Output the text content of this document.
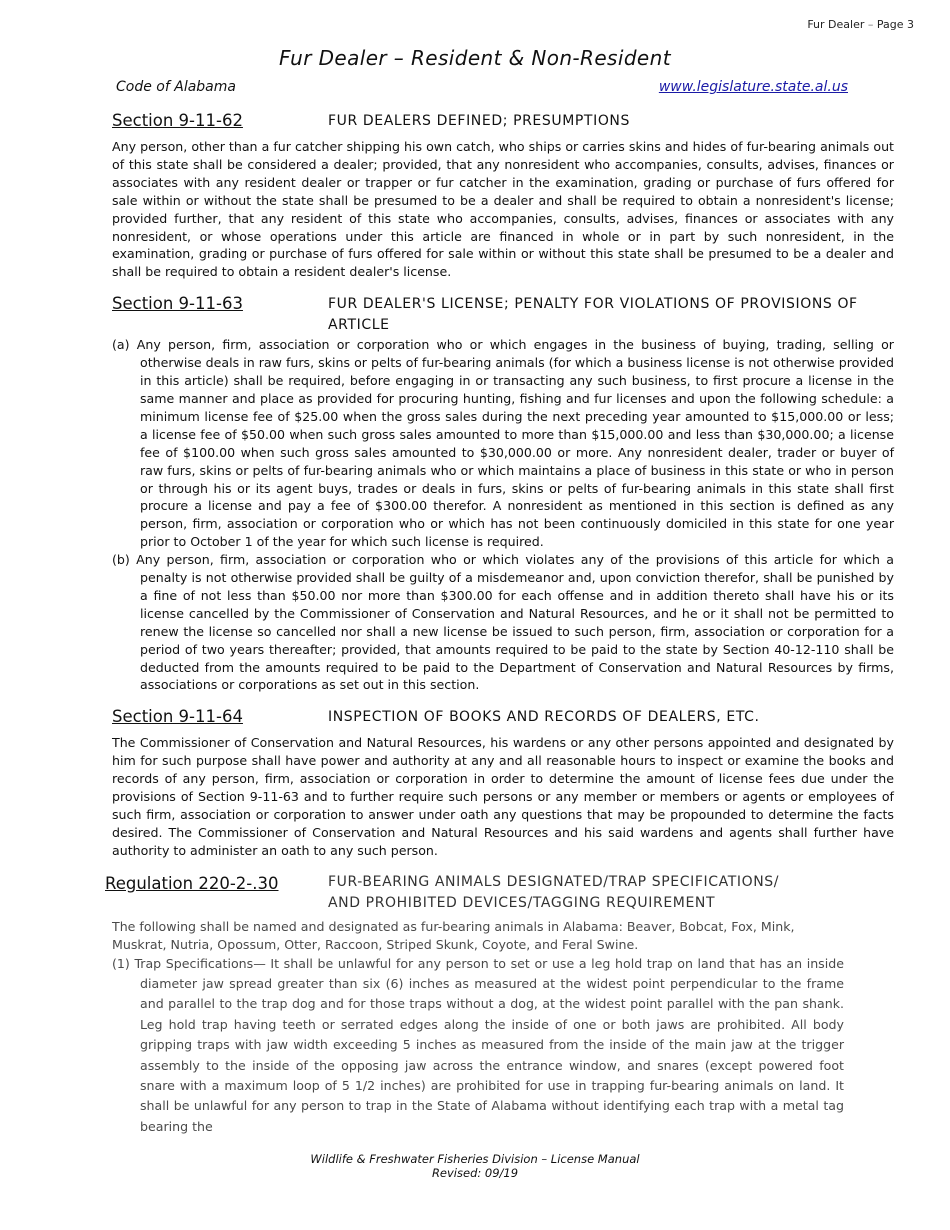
Fur Dealer – Page 3
Fur Dealer – Resident & Non-Resident
Code of Alabama	www.legislature.state.al.us
Section 9-11-62	FUR DEALERS DEFINED; PRESUMPTIONS

Any person, other than a fur catcher shipping his own catch, who ships or carries skins and hides of fur-bearing animals out of this state shall be considered a dealer; provided, that any nonresident who accompanies, consults, advises, finances or associates with any resident dealer or trapper or fur catcher in the examination, grading or purchase of furs offered for sale within or without the state shall be presumed to be a dealer and shall be required to obtain a nonresident's license; provided further, that any resident of this state who accompanies, consults, advises, finances or associates with any nonresident, or whose operations under this article are financed in whole or in part by such nonresident, in the examination, grading or purchase of furs offered for sale within or without this state shall be presumed to be a dealer and shall be required to obtain a resident dealer's license.

Section 9-11-63	FUR DEALER'S LICENSE; PENALTY FOR VIOLATIONS OF PROVISIONS OF
ARTICLE

(a) Any person, firm, association or corporation who or which engages in the business of buying, trading, selling or otherwise deals in raw furs, skins or pelts of fur-bearing animals (for which a business license is not otherwise provided in this article) shall be required, before engaging in or transacting any such business, to first procure a license in the same manner and place as provided for procuring hunting, fishing and fur licenses and upon the following schedule: a minimum license fee of $25.00 when the gross sales during the next preceding year amounted to $15,000.00 or less; a license fee of $50.00 when such gross sales amounted to more than $15,000.00 and less than $30,000.00; a license fee of $100.00 when such gross sales amounted to $30,000.00 or more. Any nonresident dealer, trader or buyer of raw furs, skins or pelts of fur-bearing animals who or which maintains a place of business in this state or who in person or through his or its agent buys, trades or deals in furs, skins or pelts of fur-bearing animals in this state shall first procure a license and pay a fee of $300.00 therefor. A nonresident as mentioned in this section is defined as any person, firm, association or corporation who or which has not been continuously domiciled in this state for one year prior to October 1 of the year for which such license is required.

(b) Any person, firm, association or corporation who or which violates any of the provisions of this article for which a penalty is not otherwise provided shall be guilty of a misdemeanor and, upon conviction therefor, shall be punished by a fine of not less than $50.00 nor more than $300.00 for each offense and in addition thereto shall have his or its license cancelled by the Commissioner of Conservation and Natural Resources, and he or it shall not be permitted to renew the license so cancelled nor shall a new license be issued to such person, firm, association or corporation for a period of two years thereafter; provided, that amounts required to be paid to the state by Section 40-12-110 shall be deducted from the amounts required to be paid to the Department of Conservation and Natural Resources by firms, associations or corporations as set out in this section.

Section 9-11-64	INSPECTION OF BOOKS AND RECORDS OF DEALERS, ETC.

The Commissioner of Conservation and Natural Resources, his wardens or any other persons appointed and designated by him for such purpose shall have power and authority at any and all reasonable hours to inspect or examine the books and records of any person, firm, association or corporation in order to determine the amount of license fees due under the provisions of Section 9-11-63 and to further require such persons or any member or members or agents or employees of such firm, association or corporation to answer under oath any questions that may be propounded to determine the facts desired. The Commissioner of Conservation and Natural Resources and his said wardens and agents shall further have authority to administer an oath to any such person.

Regulation 220-2-.30	FUR-BEARING ANIMALS DESIGNATED/TRAP SPECIFICATIONS/
AND PROHIBITED DEVICES/TAGGING REQUIREMENT

The following shall be named and designated as fur-bearing animals in Alabama: Beaver, Bobcat, Fox, Mink, Muskrat, Nutria, Opossum, Otter, Raccoon, Striped Skunk, Coyote, and Feral Swine.

(1) Trap Specifications— It shall be unlawful for any person to set or use a leg hold trap on land that has an inside diameter jaw spread greater than six (6) inches as measured at the widest point perpendicular to the frame and parallel to the trap dog and for those traps without a dog, at the widest point parallel with the pan shank. Leg hold trap having teeth or serrated edges along the inside of one or both jaws are prohibited. All body gripping traps with jaw width exceeding 5 inches as measured from the inside of the main jaw at the trigger assembly to the inside of the opposing jaw across the entrance window, and snares (except powered foot snare with a maximum loop of 5 1/2 inches) are prohibited for use in trapping fur-bearing animals on land. It shall be unlawful for any person to trap in the State of Alabama without identifying each trap with a metal tag bearing the

Wildlife & Freshwater Fisheries Division – License Manual
Revised: 09/19
